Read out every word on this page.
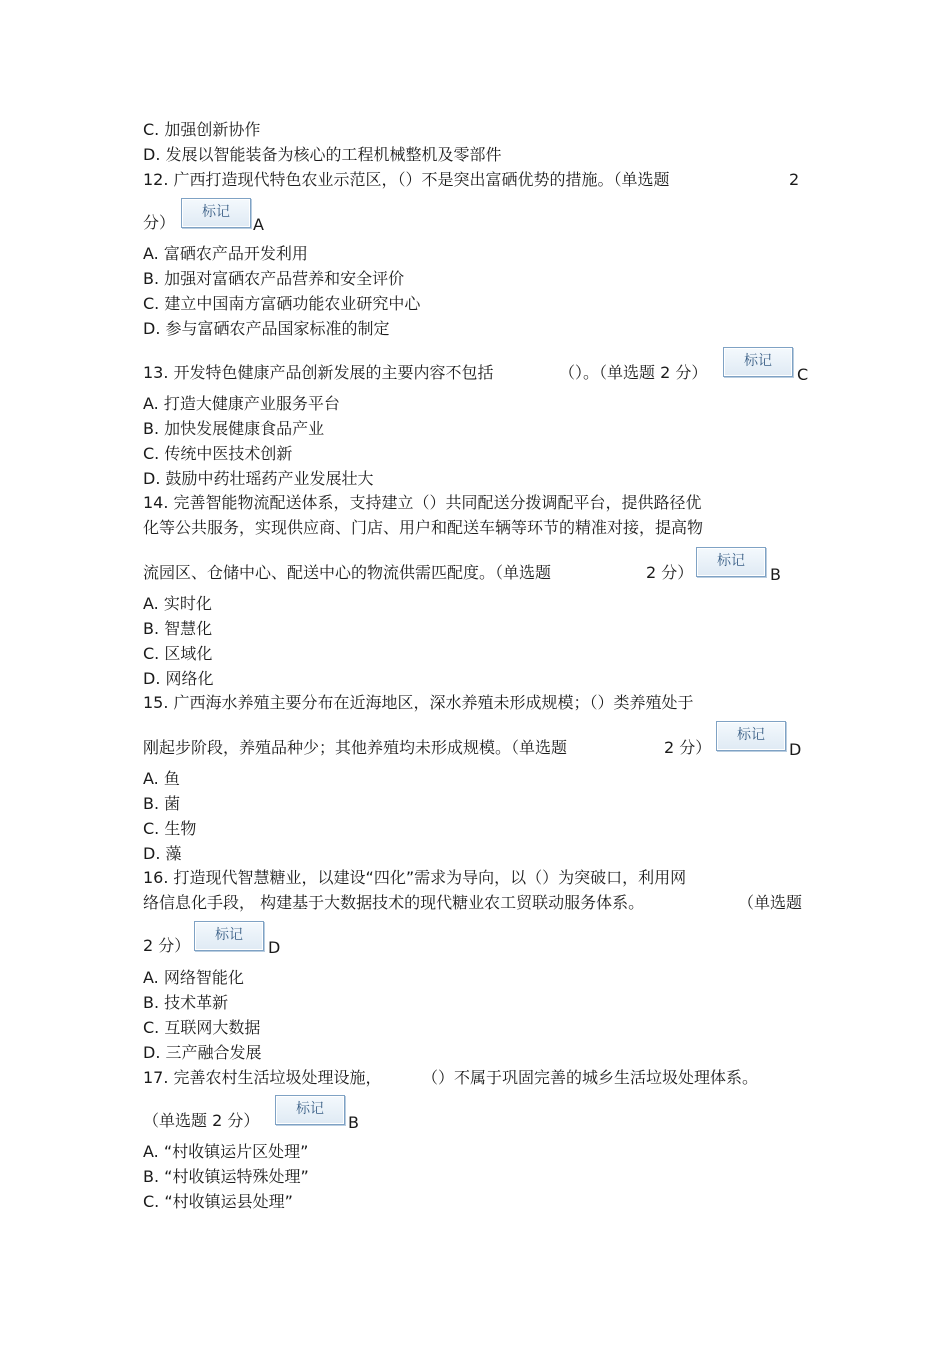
C. 加强创新协作
D. 发展以智能装备为核心的工程机械整机及零部件
12. 广西打造现代特色农业示范区，（）不是突出富硒优势的措施。（单选题	2
分）
标记
A
A. 富硒农产品开发利用
B. 加强对富硒农产品营养和安全评价
C. 建立中国南方富硒功能农业研究中心
D. 参与富硒农产品国家标准的制定
13. 开发特色健康产品创新发展的主要内容不包括	（）。（单选题 2 分）
标记
C
A. 打造大健康产业服务平台
B. 加快发展健康食品产业
C. 传统中医技术创新
D. 鼓励中药壮瑶药产业发展壮大
14. 完善智能物流配送体系，支持建立（）共同配送分拨调配平台，提供路径优
化等公共服务，实现供应商、门店、用户和配送车辆等环节的精准对接，提高物
流园区、仓储中心、配送中心的物流供需匹配度。（单选题	2 分）
标记
B
A. 实时化
B. 智慧化
C. 区域化
D. 网络化
15. 广西海水养殖主要分布在近海地区，深水养殖未形成规模；（）类养殖处于
刚起步阶段，养殖品种少；其他养殖均未形成规模。（单选题	2 分）
标记
D
A. 鱼
B. 菌
C. 生物
D. 藻
16. 打造现代智慧糖业，以建设“四化”需求为导向，以（）为突破口，利用网
络信息化手段， 构建基于大数据技术的现代糖业农工贸联动服务体系。	（单选题
2 分）
标记
D
A. 网络智能化
B. 技术革新
C. 互联网大数据
D. 三产融合发展
17. 完善农村生活垃圾处理设施，	（）不属于巩固完善的城乡生活垃圾处理体系。
（单选题 2 分）
标记
B
A. “村收镇运片区处理”
B. “村收镇运特殊处理”
C. “村收镇运县处理”
